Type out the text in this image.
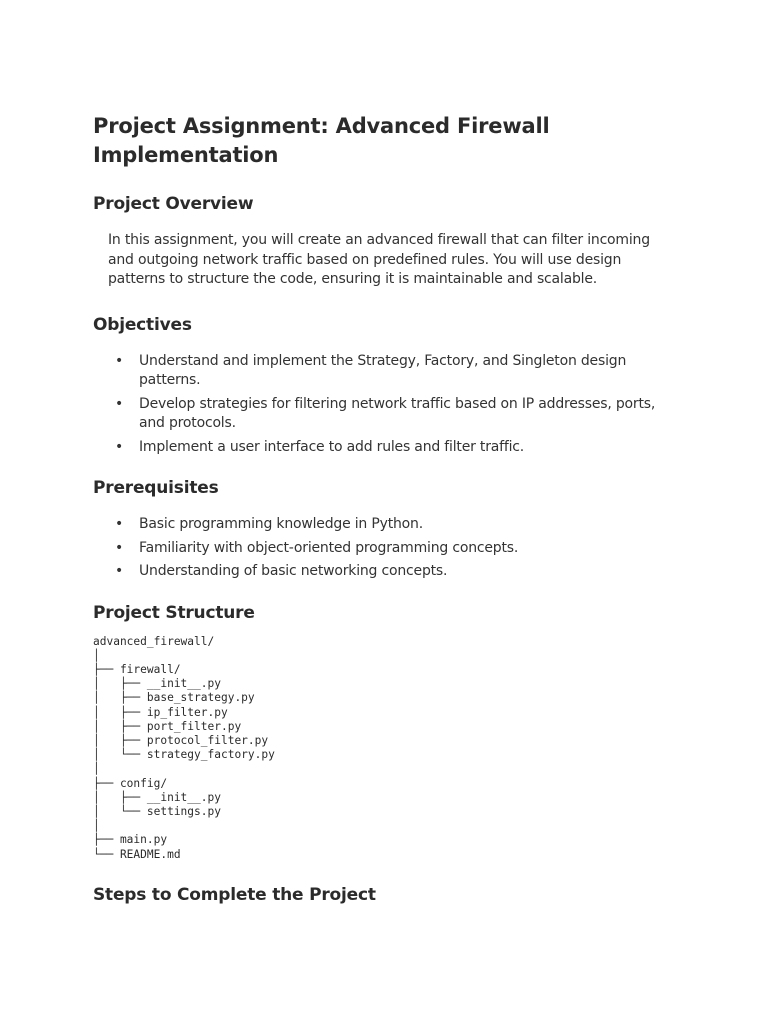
Project Assignment: Advanced Firewall Implementation
Project Overview

In this assignment, you will create an advanced firewall that can filter incoming and outgoing network traffic based on predefined rules. You will use design patterns to structure the code, ensuring it is maintainable and scalable.

Objectives
• Understand and implement the Strategy, Factory, and Singleton design patterns.
• Develop strategies for filtering network traffic based on IP addresses, ports, and protocols.
• Implement a user interface to add rules and filter traffic.
Prerequisites
• Basic programming knowledge in Python.
• Familiarity with object-oriented programming concepts.
• Understanding of basic networking concepts.
Project Structure
advanced_firewall/
│
├── firewall/
│   ├── __init__.py
│   ├── base_strategy.py
│   ├── ip_filter.py
│   ├── port_filter.py
│   ├── protocol_filter.py
│   └── strategy_factory.py
│
├── config/
│   ├── __init__.py
│   └── settings.py
│
├── main.py
└── README.md
Steps to Complete the Project
